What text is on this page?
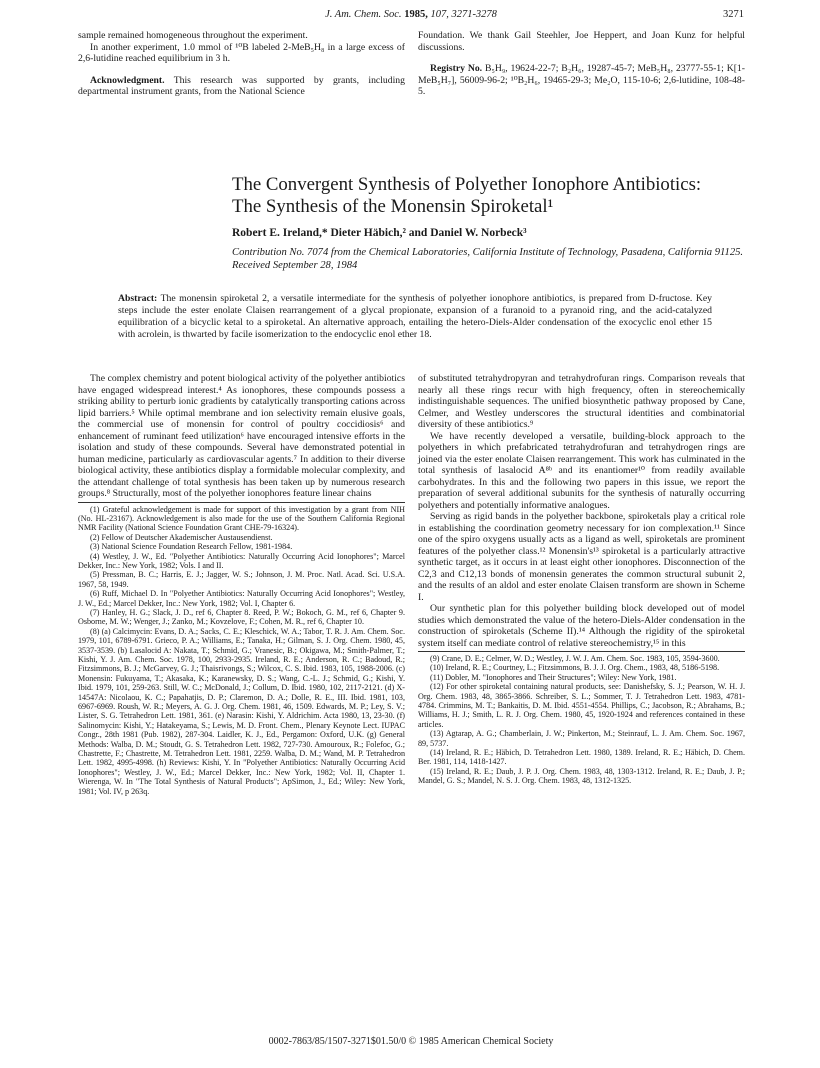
J. Am. Chem. Soc. 1985, 107, 3271-3278	3271

sample remained homogeneous throughout the experiment.

In another experiment, 1.0 mmol of ¹⁰B labeled 2-MeB₅H₈ in a large excess of 2,6-lutidine reached equilibrium in 3 h.

Acknowledgment. This research was supported by grants, including departmental instrument grants, from the National Science

Foundation. We thank Gail Steehler, Joe Heppert, and Joan Kunz for helpful discussions.

Registry No. B₅H₉, 19624-22-7; B₂H₆, 19287-45-7; MeB₅H₈, 23777-55-1; K[1-MeB₅H₇], 56009-96-2; ¹⁰B₂H₆, 19465-29-3; Me₂O, 115-10-6; 2,6-lutidine, 108-48-5.

The Convergent Synthesis of Polyether Ionophore Antibiotics:
The Synthesis of the Monensin Spiroketal¹
Robert E. Ireland,* Dieter Häbich,² and Daniel W. Norbeck³
Contribution No. 7074 from the Chemical Laboratories, California Institute of Technology, Pasadena, California 91125. Received September 28, 1984
Abstract: The monensin spiroketal 2, a versatile intermediate for the synthesis of polyether ionophore antibiotics, is prepared from D-fructose. Key steps include the ester enolate Claisen rearrangement of a glycal propionate, expansion of a furanoid to a pyranoid ring, and the acid-catalyzed equilibration of a bicyclic ketal to a spiroketal. An alternative approach, entailing the hetero-Diels-Alder condensation of the exocyclic enol ether 15 with acrolein, is thwarted by facile isomerization to the endocyclic enol ether 18.

The complex chemistry and potent biological activity of the polyether antibiotics have engaged widespread interest.⁴ As ionophores, these compounds possess a striking ability to perturb ionic gradients by catalytically transporting cations across lipid barriers.⁵ While optimal membrane and ion selectivity remain elusive goals, the commercial use of monensin for control of poultry coccidiosis⁶ and enhancement of ruminant feed utilization⁶ have encouraged intensive efforts in the isolation and study of these compounds. Several have demonstrated potential in human medicine, particularly as cardiovascular agents.⁷ In addition to their diverse biological activity, these antibiotics display a formidable molecular complexity, and the attendant challenge of total synthesis has been taken up by numerous research groups.⁸ Structurally, most of the polyether ionophores feature linear chains

(1) Grateful acknowledgement is made for support of this investigation by a grant from NIH (No. HL-23167). Acknowledgement is also made for the use of the Southern California Regional NMR Facility (National Science Foundation Grant CHE-79-16324).

(2) Fellow of Deutscher Akademischer Austausendienst.

(3) National Science Foundation Research Fellow, 1981-1984.

(4) Westley, J. W., Ed. "Polyether Antibiotics: Naturally Occurring Acid Ionophores"; Marcel Dekker, Inc.: New York, 1982; Vols. I and II.

(5) Pressman, B. C.; Harris, E. J.; Jagger, W. S.; Johnson, J. M. Proc. Natl. Acad. Sci. U.S.A. 1967, 58, 1949.

(6) Ruff, Michael D. In "Polyether Antibiotics: Naturally Occurring Acid Ionophores"; Westley, J. W., Ed.; Marcel Dekker, Inc.: New York, 1982; Vol. I, Chapter 6.

(7) Hanley, H. G.; Slack, J. D., ref 6, Chapter 8. Reed, P. W.; Bokoch, G. M., ref 6, Chapter 9. Osborne, M. W.; Wenger, J.; Zanko, M.; Kovzelove, F.; Cohen, M. R., ref 6, Chapter 10.

(8) (a) Calcimycin: Evans, D. A.; Sacks, C. E.; Kleschick, W. A.; Tabor, T. R. J. Am. Chem. Soc. 1979, 101, 6789-6791. Grieco, P. A.; Williams, E.; Tanaka, H.; Gilman, S. J. Org. Chem. 1980, 45, 3537-3539. (b) Lasalocid A: Nakata, T.; Schmid, G.; Vranesic, B.; Okigawa, M.; Smith-Palmer, T.; Kishi, Y. J. Am. Chem. Soc. 1978, 100, 2933-2935. Ireland, R. E.; Anderson, R. C.; Badoud, R.; Fitzsimmons, B. J.; McGarvey, G. J.; Thaisrivongs, S.; Wilcox, C. S. Ibid. 1983, 105, 1988-2006. (c) Monensin: Fukuyama, T.; Akasaka, K.; Karanewsky, D. S.; Wang, C.-L. J.; Schmid, G.; Kishi, Y. Ibid. 1979, 101, 259-263. Still, W. C.; McDonald, J.; Collum, D. Ibid. 1980, 102, 2117-2121. (d) X-14547A: Nicolaou, K. C.; Papahatjis, D. P.; Claremon, D. A.; Dolle, R. E., III. Ibid. 1981, 103, 6967-6969. Roush, W. R.; Meyers, A. G. J. Org. Chem. 1981, 46, 1509. Edwards, M. P.; Ley, S. V.; Lister, S. G. Tetrahedron Lett. 1981, 361. (e) Narasin: Kishi, Y. Aldrichim. Acta 1980, 13, 23-30. (f) Salinomycin: Kishi, Y.; Hatakeyama, S.; Lewis, M. D. Front. Chem., Plenary Keynote Lect. IUPAC Congr., 28th 1981 (Pub. 1982), 287-304. Laidler, K. J., Ed., Pergamon: Oxford, U.K. (g) General Methods: Walba, D. M.; Stoudt, G. S. Tetrahedron Lett. 1982, 727-730. Amouroux, R.; Folefoc, G.; Chastrette, F.; Chastrette, M. Tetrahedron Lett. 1981, 2259. Walba, D. M.; Wand, M. P. Tetrahedron Lett. 1982, 4995-4998. (h) Reviews: Kishi, Y. In "Polyether Antibiotics: Naturally Occurring Acid Ionophores"; Westley, J. W., Ed.; Marcel Dekker, Inc.: New York, 1982; Vol. II, Chapter 1. Wierenga, W. In "The Total Synthesis of Natural Products"; ApSimon, J., Ed.; Wiley: New York, 1981; Vol. IV, p 263q.

of substituted tetrahydropyran and tetrahydrofuran rings. Comparison reveals that nearly all these rings recur with high frequency, often in stereochemically indistinguishable sequences. The unified biosynthetic pathway proposed by Cane, Celmer, and Westley underscores the structural identities and combinatorial diversity of these antibiotics.⁹

We have recently developed a versatile, building-block approach to the polyethers in which prefabricated tetrahydrofuran and tetrahydrogen rings are joined via the ester enolate Claisen rearrangement. This work has culminated in the total synthesis of lasalocid A⁸ᵇ and its enantiomer¹⁰ from readily available carbohydrates. In this and the following two papers in this issue, we report the preparation of several additional subunits for the synthesis of naturally occurring polyethers and potentially informative analogues.

Serving as rigid bands in the polyether backbone, spiroketals play a critical role in establishing the coordination geometry necessary for ion complexation.¹¹ Since one of the spiro oxygens usually acts as a ligand as well, spiroketals are prominent features of the polyether class.¹² Monensin's¹³ spiroketal is a particularly attractive synthetic target, as it occurs in at least eight other ionophores. Disconnection of the C2,3 and C12,13 bonds of monensin generates the common structural subunit 2, and the results of an aldol and ester enolate Claisen transform are shown in Scheme I.

Our synthetic plan for this polyether building block developed out of model studies which demonstrated the value of the hetero-Diels-Alder condensation in the construction of spiroketals (Scheme II).¹⁴ Although the rigidity of the spiroketal system itself can mediate control of relative stereochemistry,¹⁵ in this

(9) Crane, D. E.; Celmer, W. D.; Westley, J. W. J. Am. Chem. Soc. 1983, 105, 3594-3600.

(10) Ireland, R. E.; Courtney, L.; Fitzsimmons, B. J. J. Org. Chem., 1983, 48, 5186-5198.

(11) Dobler, M. "Ionophores and Their Structures"; Wiley: New York, 1981.

(12) For other spiroketal containing natural products, see: Danishefsky, S. J.; Pearson, W. H. J. Org. Chem. 1983, 48, 3865-3866. Schreiber, S. L.; Sommer, T. J. Tetrahedron Lett. 1983, 4781-4784. Crimmins, M. T.; Bankaitis, D. M. Ibid. 4551-4554. Phillips, C.; Jacobson, R.; Abrahams, B.; Williams, H. J.; Smith, L. R. J. Org. Chem. 1980, 45, 1920-1924 and references contained in these articles.

(13) Agtarap, A. G.; Chamberlain, J. W.; Pinkerton, M.; Steinrauf, L. J. Am. Chem. Soc. 1967, 89, 5737.

(14) Ireland, R. E.; Häbich, D. Tetrahedron Lett. 1980, 1389. Ireland, R. E.; Häbich, D. Chem. Ber. 1981, 114, 1418-1427.

(15) Ireland, R. E.; Daub, J. P. J. Org. Chem. 1983, 48, 1303-1312. Ireland, R. E.; Daub, J. P.; Mandel, G. S.; Mandel, N. S. J. Org. Chem. 1983, 48, 1312-1325.

0002-7863/85/1507-3271$01.50/0 © 1985 American Chemical Society
